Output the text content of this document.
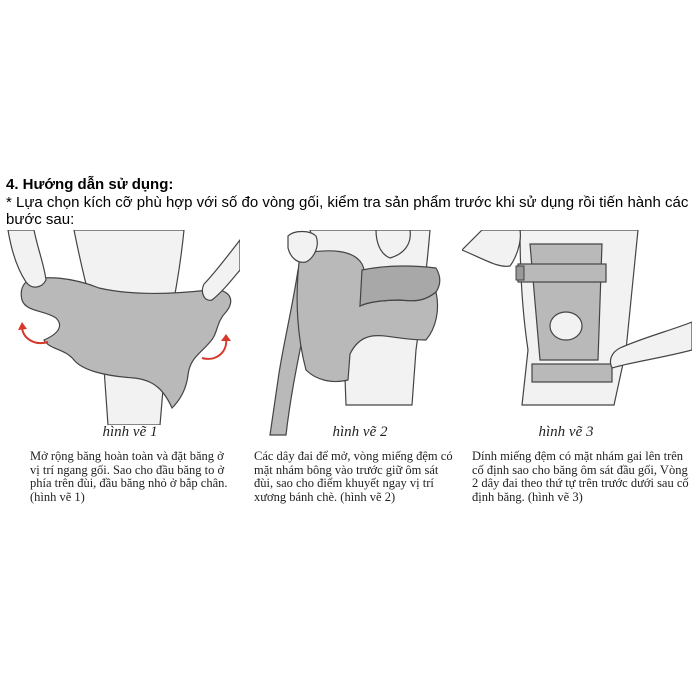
4. Hướng dẫn sử dụng:
* Lựa chọn kích cỡ phù hợp với số đo vòng gối, kiểm tra sản phẩm trước khi sử dụng rồi tiến hành các bước sau:
hình vẽ 1
Mở rộng băng hoàn toàn và đặt băng ở vị trí ngang gối. Sao cho đầu băng to ở phía trên đùi, đầu băng nhỏ ở bắp chân. (hình vẽ 1)
hình vẽ 2
Các dây đai để mở, vòng miếng đệm có mặt nhám bông vào trước giữ ôm sát đùi, sao cho điểm khuyết ngay vị trí xương bánh chè. (hình vẽ 2)
hình vẽ 3
Dính miếng đệm có mặt nhám gai lên trên cố định sao cho băng ôm sát đầu gối, Vòng 2 dây đai theo thứ tự trên trước dưới sau cố định băng. (hình vẽ 3)
